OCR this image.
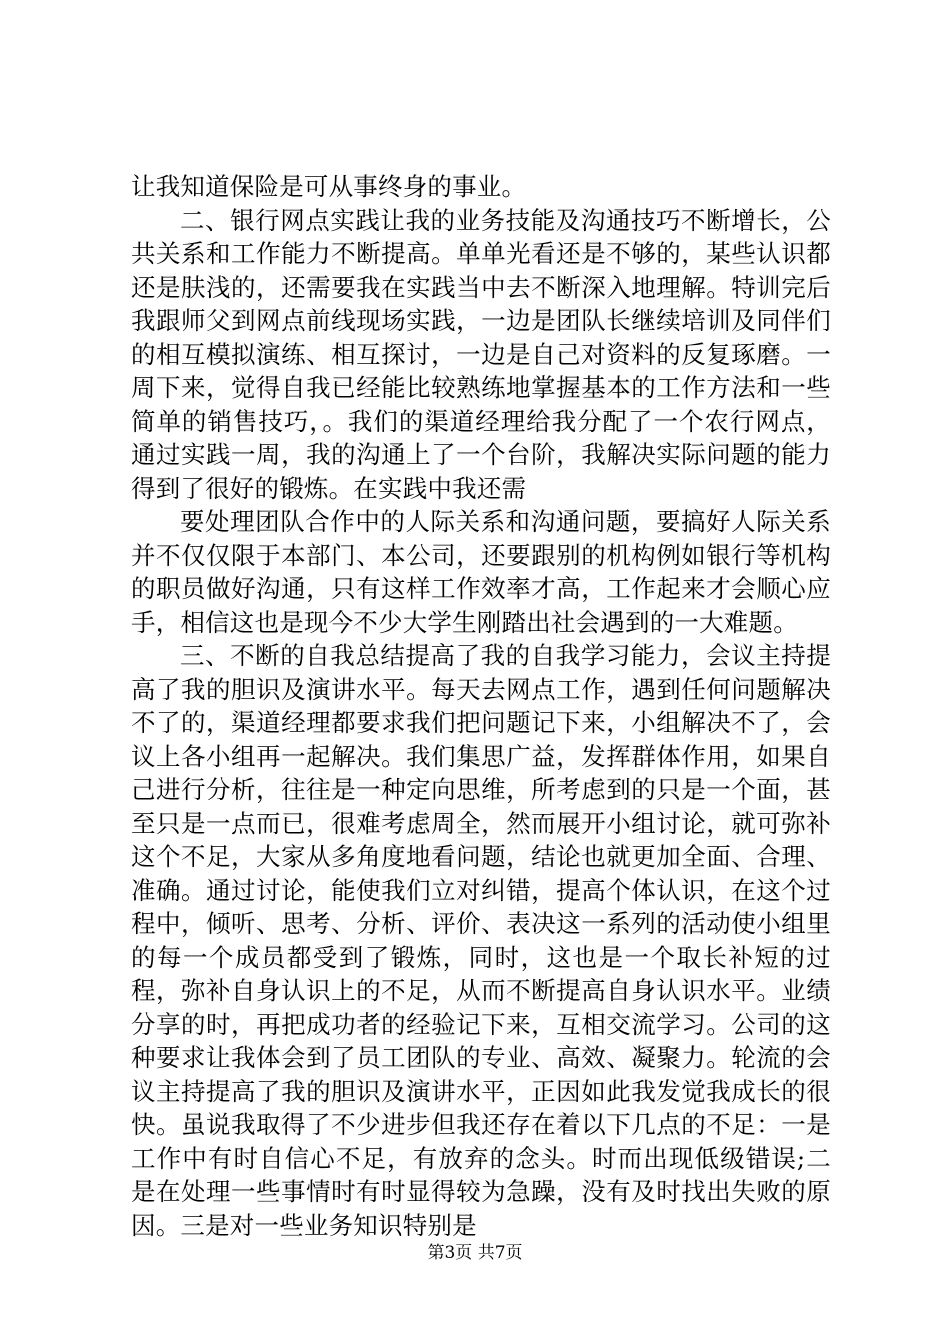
让我知道保险是可从事终身的事业。

二、银行网点实践让我的业务技能及沟通技巧不断增长，公共关系和工作能力不断提高。单单光看还是不够的，某些认识都还是肤浅的，还需要我在实践当中去不断深入地理解。特训完后我跟师父到网点前线现场实践，一边是团队长继续培训及同伴们的相互模拟演练、相互探讨，一边是自己对资料的反复琢磨。一周下来，觉得自我已经能比较熟练地掌握基本的工作方法和一些简单的销售技巧，。我们的渠道经理给我分配了一个农行网点，通过实践一周，我的沟通上了一个台阶，我解决实际问题的能力得到了很好的锻炼。在实践中我还需

要处理团队合作中的人际关系和沟通问题，要搞好人际关系并不仅仅限于本部门、本公司，还要跟别的机构例如银行等机构的职员做好沟通，只有这样工作效率才高，工作起来才会顺心应手，相信这也是现今不少大学生刚踏出社会遇到的一大难题。

三、不断的自我总结提高了我的自我学习能力，会议主持提高了我的胆识及演讲水平。每天去网点工作，遇到任何问题解决不了的，渠道经理都要求我们把问题记下来，小组解决不了，会议上各小组再一起解决。我们集思广益，发挥群体作用，如果自己进行分析，往往是一种定向思维，所考虑到的只是一个面，甚至只是一点而已，很难考虑周全，然而展开小组讨论，就可弥补这个不足，大家从多角度地看问题，结论也就更加全面、合理、准确。通过讨论，能使我们立对纠错，提高个体认识，在这个过程中，倾听、思考、分析、评价、表决这一系列的活动使小组里的每一个成员都受到了锻炼，同时，这也是一个取长补短的过程，弥补自身认识上的不足，从而不断提高自身认识水平。业绩分享的时，再把成功者的经验记下来，互相交流学习。公司的这种要求让我体会到了员工团队的专业、高效、凝聚力。轮流的会议主持提高了我的胆识及演讲水平，正因如此我发觉我成长的很快。虽说我取得了不少进步但我还存在着以下几点的不足：一是工作中有时自信心不足，有放弃的念头。时而出现低级错误;二是在处理一些事情时有时显得较为急躁，没有及时找出失败的原因。三是对一些业务知识特别是

第3页 共7页
